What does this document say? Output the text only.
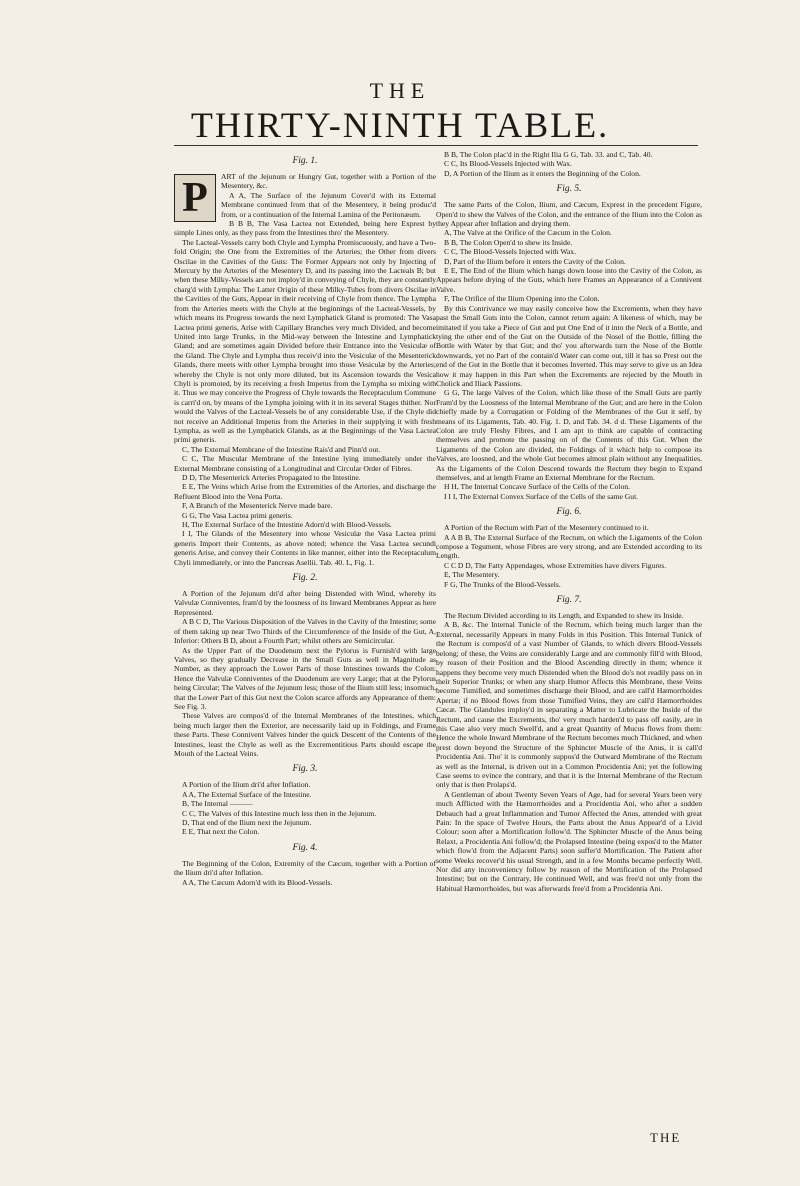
THE
THIRTY-NINTH TABLE.
Fig. 1.
P	ART of the Jejunum or Hungry Gut, together with a Portion of the Mesentery, &c.

A A, The Surface of the Jejunum Cover'd with its External Membrane continued from that of the Mesentery, it being produc'd from, or a continuation of the Internal Lamina of the Peritonæum.

B B B, The Vasa Lactea not Extended, being here Exprest by simple Lines only, as they pass from the Intestines thro' the Mesentery.

The Lacteal-Vessels carry both Chyle and Lympha Promiscuously, and have a Two-fold Origin; the One from the Extremities of the Arteries; the Other from divers Oscilae in the Cavities of the Guts: The Former Appears not only by Injecting of Mercury by the Arteries of the Mesentery D, and its passing into the Lacteals B; but when these Milky-Vessels are not imploy'd in conveying of Chyle, they are constantly charg'd with Lympha: The Latter Origin of these Milky-Tubes from divers Oscilae in the Cavities of the Guts, Appear in their receiving of Chyle from thence. The Lympha from the Arteries meets with the Chyle at the beginnings of the Lacteal-Vessels, by which means its Progress towards the next Lymphatick Gland is promoted: The Vasa Lactea primi generis, Arise with Capillary Branches very much Divided, and become United into large Trunks, in the Mid-way between the Intestine and Lymphatick Gland; and are sometimes again Divided before their Entrance into the Vesiculæ of the Gland. The Chyle and Lympha thus receiv'd into the Vesiculæ of the Mesenterick Glands, there meets with other Lympha brought into those Vesiculæ by the Arteries; whereby the Chyle is not only more diluted, but its Ascension towards the Vesica Chyli is promoted, by its receiving a fresh Impetus from the Lympha so mixing with it. Thus we may conceive the Progress of Chyle towards the Receptaculum Commune is carri'd on, by means of the Lympha joining with it in its several Stages thither. Nor would the Valves of the Lacteal-Vessels be of any considerable Use, if the Chyle did not receive an Additional Impetus from the Arteries in their supplying it with fresh Lympha, as well as the Lymphatick Glands, as at the Beginnings of the Vasa Lactea primi generis.

C, The External Membrane of the Intestine Rais'd and Pinn'd out.

C C, The Muscular Membrane of the Intestine lying immediately under the External Membrane consisting of a Longitudinal and Circular Order of Fibres.

D D, The Mesenterick Arteries Propagated to the Intestine.

E E, The Veins which Arise from the Extremities of the Arteries, and discharge the Refluent Blood into the Vena Porta.

F, A Branch of the Mesenterick Nerve made bare.

G G, The Vasa Lactea primi generis.

H, The External Surface of the Intestine Adorn'd with Blood-Vessels.

I I, The Glands of the Mesentery into whose Vesiculæ the Vasa Lactea primi generis Import their Contents, as above noted; whence the Vasa Lactea secundi generis Arise, and convey their Contents in like manner, either into the Receptaculum Chyli immediately, or into the Pancreas Asellii. Tab. 40. L, Fig. 1.

Fig. 2.

A Portion of the Jejunum dri'd after being Distended with Wind, whereby its Valvulæ Conniventes, fram'd by the loosness of its Inward Membranes Appear as here Represented.

A B C D, The Various Disposition of the Valves in the Cavity of the Intestine; some of them taking up near Two Thirds of the Circumference of the Inside of the Gut, A, Inferior: Others B D, about a Fourth Part; whilst others are Semicircular.

As the Upper Part of the Duodenum next the Pylorus is Furnish'd with large Valves, so they gradually Decrease in the Small Guts as well in Magnitude as Number, as they approach the Lower Parts of those Intestines towards the Colon: Hence the Valvulæ Conniventes of the Duodenum are very Large; that at the Pylorus being Circular; The Valves of the Jejunum less; those of the Ilium still less; insomuch, that the Lower Part of this Gut next the Colon scarce affords any Appearance of them: See Fig. 3.

These Valves are compos'd of the Internal Membranes of the Intestines, which being much larger then the Exterior, are necessarily laid up in Foldings, and Frame these Parts. These Connivent Valves hinder the quick Descent of the Contents of the Intestines, least the Chyle as well as the Excrementitious Parts should escape the Mouth of the Lacteal Veins.

Fig. 3.

A Portion of the Ilium dri'd after Inflation.

A A, The External Surface of the Intestine.

B, The Internal ———

C C, The Valves of this Intestine much less then in the Jejunum.

D, That end of the Ilium next the Jejunum.

E E, That next the Colon.

Fig. 4.

The Beginning of the Colon, Extremity of the Cæcum, together with a Portion of the Ilium dri'd after Inflation.

A A, The Cæcum Adorn'd with its Blood-Vessels.

B B, The Colon plac'd in the Right Ilia G G, Tab. 33. and C, Tab. 40.

C C, Its Blood-Vessels Injected with Wax.

D, A Portion of the Ilium as it enters the Beginning of the Colon.

Fig. 5.

The same Parts of the Colon, Ilium, and Cæcum, Exprest in the precedent Figure, Open'd to shew the Valves of the Colon, and the entrance of the Ilium into the Colon as they Appear after Inflation and drying them.

A, The Valve at the Orifice of the Cæcum in the Colon.

B B, The Colon Open'd to shew its Inside.

C C, The Blood-Vessels Injected with Wax.

D, Part of the Ilium before it enters the Cavity of the Colon.

E E, The End of the Ilium which hangs down loose into the Cavity of the Colon, as Appears before drying of the Guts, which here Frames an Appearance of a Connivent Valve.

F, The Orifice of the Ilium Opening into the Colon.

By this Contrivance we may easily conceive how the Excrements, when they have past the Small Guts into the Colon, cannot return again: A likeness of which, may be imitated if you take a Piece of Gut and put One End of it into the Neck of a Bottle, and tying the other end of the Gut on the Outside of the Nosel of the Bottle, filling the Bottle with Water by that Gut; and tho' you afterwards turn the Nose of the Bottle downwards, yet no Part of the contain'd Water can come out, till it has so Prest out the end of the Gut in the Bottle that it becomes Inverted. This may serve to give us an Idea how it may happen in this Part when the Excrements are rejected by the Mouth in Cholick and Iliack Passions.

G G, The large Valves of the Colon, which like those of the Small Guts are partly Fram'd by the Loosness of the Internal Membrane of the Gut; and are here in the Colon chiefly made by a Corrugation or Folding of the Membranes of the Gut it self, by means of its Ligaments, Tab. 40. Fig. 1. D, and Tab. 34. d d. These Ligaments of the Colon are truly Fleshy Fibres, and I am apt to think are capable of contracting themselves and promote the passing on of the Contents of this Gut. When the Ligaments of the Colon are divided, the Foldings of it which help to compose its Valves, are loosned, and the whole Gut becomes almost plain without any Inequalities. As the Ligaments of the Colon Descend towards the Rectum they begin to Expand themselves, and at length Frame an External Membrane for the Rectum.

H H, The Internal Concave Surface of the Cells of the Colon.

I I I, The External Convex Surface of the Cells of the same Gut.

Fig. 6.

A Portion of the Rectum with Part of the Mesentery continued to it.

A A B B, The External Surface of the Rectum, on which the Ligaments of the Colon compose a Tegument, whose Fibres are very strong, and are Extended according to its Length.

C C D D, The Fatty Appendages, whose Extremities have divers Figures.

E, The Mesentery.

F G, The Trunks of the Blood-Vessels.

Fig. 7.

The Rectum Divided according to its Length, and Expanded to shew its Inside.

A B, &c. The Internal Tunicle of the Rectum, which being much larger than the External, necessarily Appears in many Folds in this Position. This Internal Tunick of the Rectum is compos'd of a vast Number of Glands, to which divers Blood-Vessels belong; of these, the Veins are considerably Large and are commonly fill'd with Blood, by reason of their Position and the Blood Ascending directly in them; whence it happens they become very much Distended when the Blood do's not readily pass on in their Superior Trunks; or when any sharp Humor Affects this Membrane, these Veins become Tumified, and sometimes discharge their Blood, and are call'd Hæmorrhoides Apertæ; if no Blood flows from those Tumified Veins, they are call'd Hæmorrhoides Cæcæ. The Glandules imploy'd in separating a Matter to Lubricate the Inside of the Rectum, and cause the Excrements, tho' very much harden'd to pass off easily, are in this Case also very much Swell'd, and a great Quantity of Mucus flows from them: Hence the whole Inward Membrane of the Rectum becomes much Thickned, and when prest down beyond the Structure of the Sphincter Muscle of the Anus, it is call'd Procidentia Ani. Tho' it is commonly suppos'd the Outward Membrane of the Rectum as well as the Internal, is driven out in a Common Procidentia Ani; yet the following Case seems to evince the contrary, and that it is the Internal Membrane of the Rectum only that is then Prolaps'd.

A Gentleman of about Twenty Seven Years of Age, had for several Years been very much Afflicted with the Hæmorrhoides and a Procidentia Ani, who after a sudden Debauch had a great Inflammation and Tumor Affected the Anus, attended with great Pain: In the space of Twelve Hours, the Parts about the Anus Appear'd of a Livid Colour; soon after a Mortification follow'd. The Sphincter Muscle of the Anus being Relaxt, a Procidentia Ani follow'd; the Prolapsed Intestine (being expos'd to the Matter which flow'd from the Adjacent Parts) soon suffer'd Mortification. The Patient after some Weeks recover'd his usual Strength, and in a few Months became perfectly Well. Nor did any inconveniency follow by reason of the Mortification of the Prolapsed Intestine; but on the Contrary, He continued Well, and was free'd not only from the Habitual Hæmorrhoides, but was afterwards free'd from a Procidentia Ani.

THE
